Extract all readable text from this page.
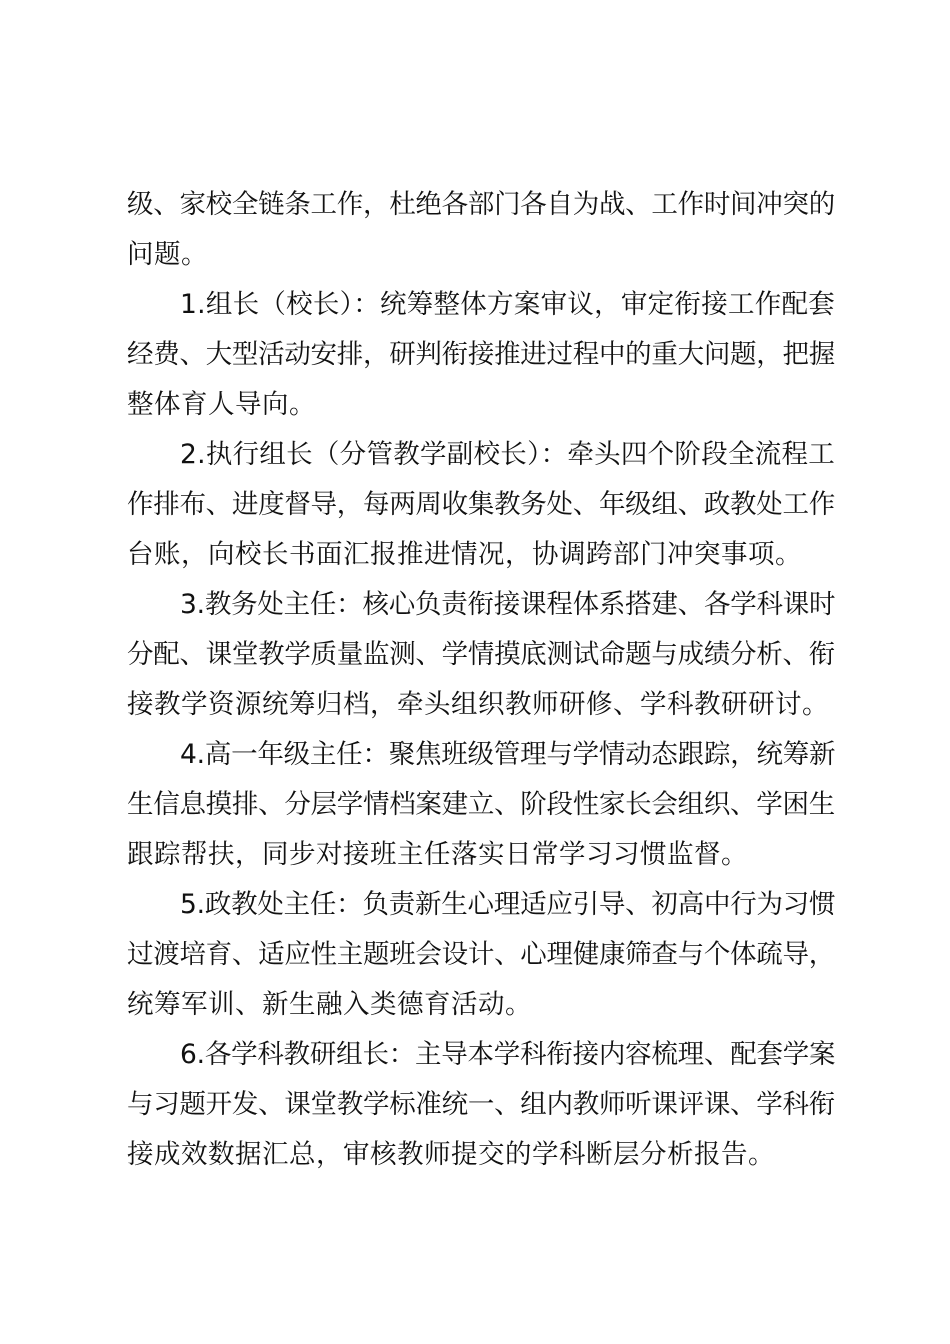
级、家校全链条工作，杜绝各部门各自为战、工作时间冲突的
问题。
1.组长（校长）：统筹整体方案审议，审定衔接工作配套
经费、大型活动安排，研判衔接推进过程中的重大问题，把握
整体育人导向。
2.执行组长（分管教学副校长）：牵头四个阶段全流程工
作排布、进度督导，每两周收集教务处、年级组、政教处工作
台账，向校长书面汇报推进情况，协调跨部门冲突事项。
3.教务处主任：核心负责衔接课程体系搭建、各学科课时
分配、课堂教学质量监测、学情摸底测试命题与成绩分析、衔
接教学资源统筹归档，牵头组织教师研修、学科教研研讨。
4.高一年级主任：聚焦班级管理与学情动态跟踪，统筹新
生信息摸排、分层学情档案建立、阶段性家长会组织、学困生
跟踪帮扶，同步对接班主任落实日常学习习惯监督。
5.政教处主任：负责新生心理适应引导、初高中行为习惯
过渡培育、适应性主题班会设计、心理健康筛查与个体疏导，
统筹军训、新生融入类德育活动。
6.各学科教研组长：主导本学科衔接内容梳理、配套学案
与习题开发、课堂教学标准统一、组内教师听课评课、学科衔
接成效数据汇总，审核教师提交的学科断层分析报告。
